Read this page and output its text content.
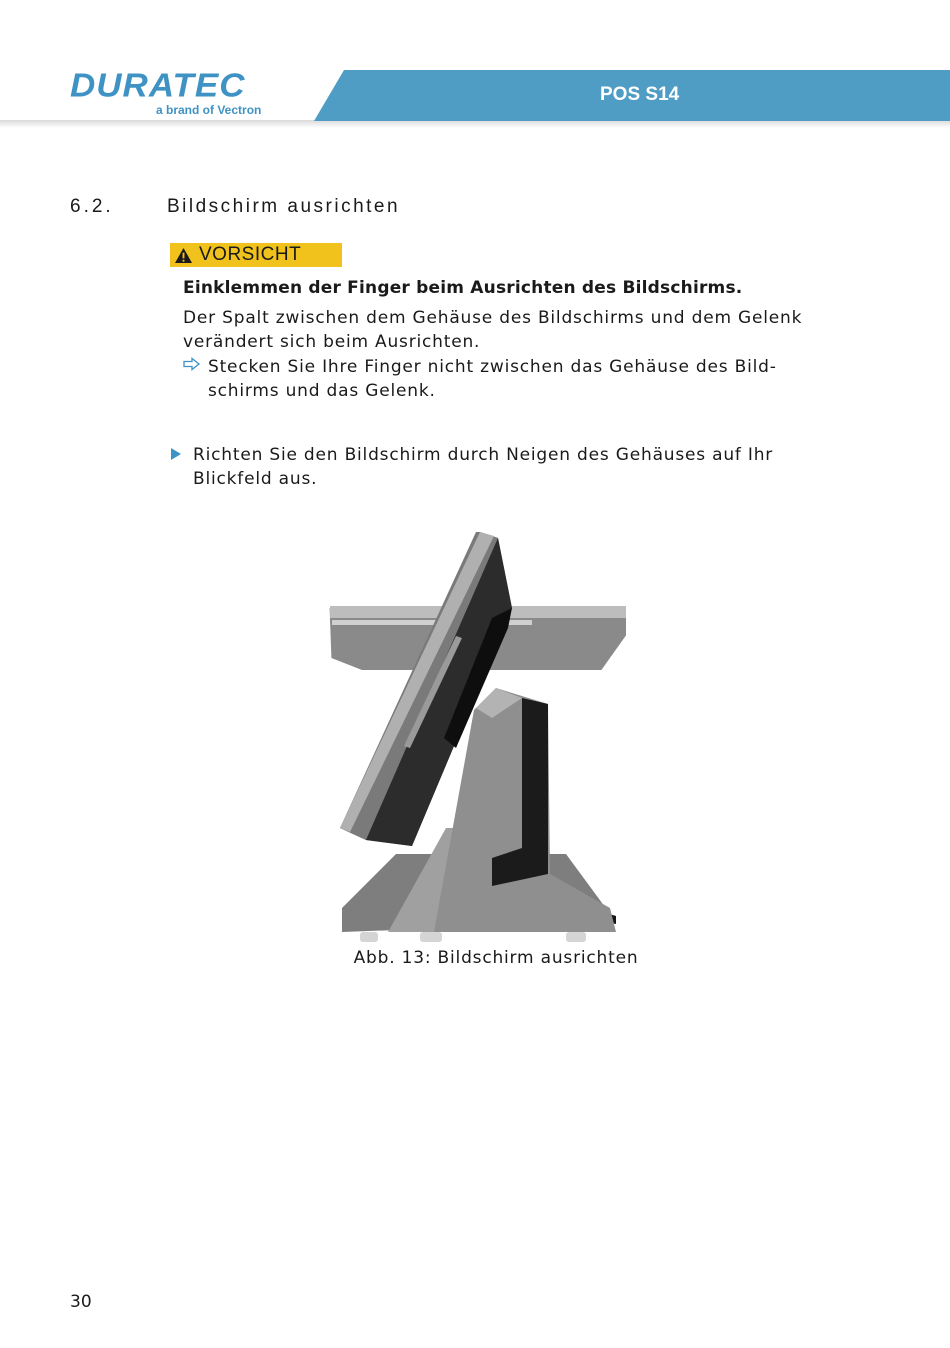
DURATEC
a brand of Vectron
POS S14
6.2.	Bildschirm ausrichten
VORSICHT
Einklemmen der Finger beim Ausrichten des Bildschirms.
Der Spalt zwischen dem Gehäuse des Bildschirms und dem Gelenk verändert sich beim Ausrichten.
Stecken Sie Ihre Finger nicht zwischen das Gehäuse des Bild-schirms und das Gelenk.
Richten Sie den Bildschirm durch Neigen des Gehäuses auf Ihr Blickfeld aus.
Abb. 13: Bildschirm ausrichten
30
